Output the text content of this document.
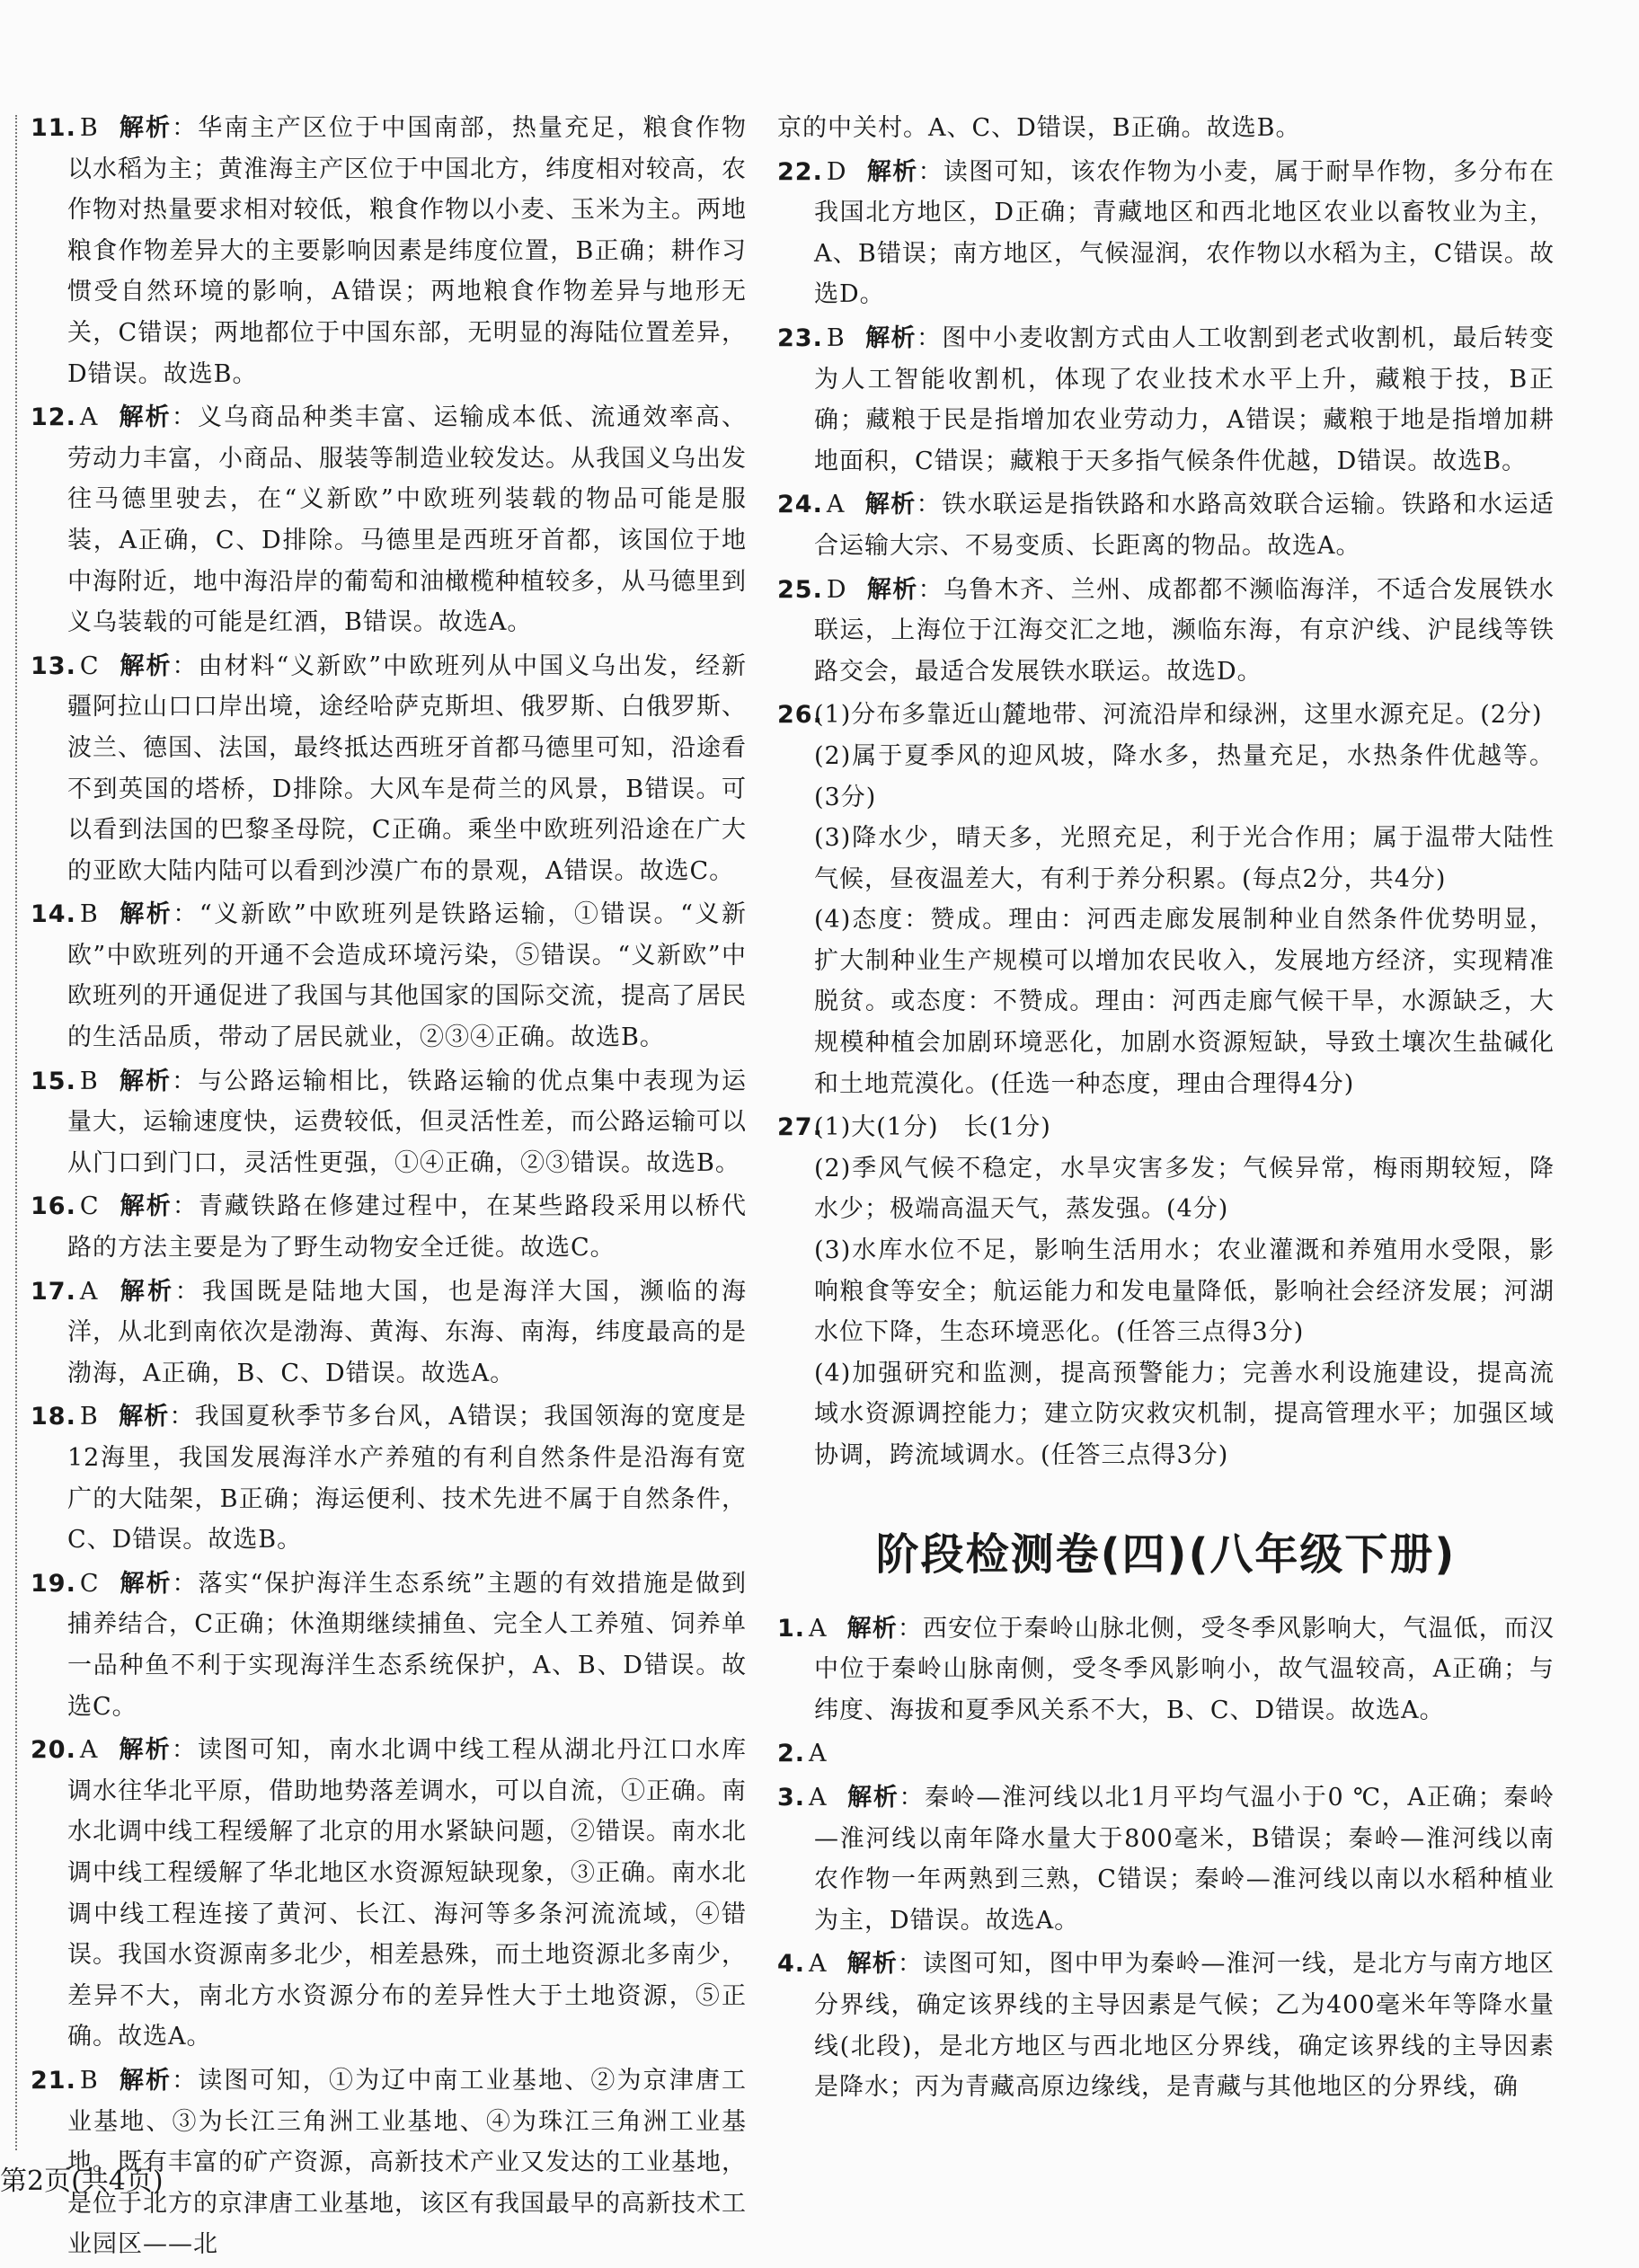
11. B 解析：华南主产区位于中国南部，热量充足，粮食作物以水稻为主；黄淮海主产区位于中国北方，纬度相对较高，农作物对热量要求相对较低，粮食作物以小麦、玉米为主。两地粮食作物差异大的主要影响因素是纬度位置，B正确；耕作习惯受自然环境的影响，A错误；两地粮食作物差异与地形无关，C错误；两地都位于中国东部，无明显的海陆位置差异，D错误。故选B。

12. A 解析：义乌商品种类丰富、运输成本低、流通效率高、劳动力丰富，小商品、服装等制造业较发达。从我国义乌出发往马德里驶去，在“义新欧”中欧班列装载的物品可能是服装，A正确，C、D排除。马德里是西班牙首都，该国位于地中海附近，地中海沿岸的葡萄和油橄榄种植较多，从马德里到义乌装载的可能是红酒，B错误。故选A。

13. C 解析：由材料“义新欧”中欧班列从中国义乌出发，经新疆阿拉山口口岸出境，途经哈萨克斯坦、俄罗斯、白俄罗斯、波兰、德国、法国，最终抵达西班牙首都马德里可知，沿途看不到英国的塔桥，D排除。大风车是荷兰的风景，B错误。可以看到法国的巴黎圣母院，C正确。乘坐中欧班列沿途在广大的亚欧大陆内陆可以看到沙漠广布的景观，A错误。故选C。

14. B 解析：“义新欧”中欧班列是铁路运输，①错误。“义新欧”中欧班列的开通不会造成环境污染，⑤错误。“义新欧”中欧班列的开通促进了我国与其他国家的国际交流，提高了居民的生活品质，带动了居民就业，②③④正确。故选B。

15. B 解析：与公路运输相比，铁路运输的优点集中表现为运量大，运输速度快，运费较低，但灵活性差，而公路运输可以从门口到门口，灵活性更强，①④正确，②③错误。故选B。

16. C 解析：青藏铁路在修建过程中，在某些路段采用以桥代路的方法主要是为了野生动物安全迁徙。故选C。

17. A 解析：我国既是陆地大国，也是海洋大国，濒临的海洋，从北到南依次是渤海、黄海、东海、南海，纬度最高的是渤海，A正确，B、C、D错误。故选A。

18. B 解析：我国夏秋季节多台风，A错误；我国领海的宽度是12海里，我国发展海洋水产养殖的有利自然条件是沿海有宽广的大陆架，B正确；海运便利、技术先进不属于自然条件，C、D错误。故选B。

19. C 解析：落实“保护海洋生态系统”主题的有效措施是做到捕养结合，C正确；休渔期继续捕鱼、完全人工养殖、饲养单一品种鱼不利于实现海洋生态系统保护，A、B、D错误。故选C。

20. A 解析：读图可知，南水北调中线工程从湖北丹江口水库调水往华北平原，借助地势落差调水，可以自流，①正确。南水北调中线工程缓解了北京的用水紧缺问题，②错误。南水北调中线工程缓解了华北地区水资源短缺现象，③正确。南水北调中线工程连接了黄河、长江、海河等多条河流流域，④错误。我国水资源南多北少，相差悬殊，而土地资源北多南少，差异不大，南北方水资源分布的差异性大于土地资源，⑤正确。故选A。

21. B 解析：读图可知，①为辽中南工业基地、②为京津唐工业基地、③为长江三角洲工业基地、④为珠江三角洲工业基地。既有丰富的矿产资源，高新技术产业又发达的工业基地，是位于北方的京津唐工业基地，该区有我国最早的高新技术工业园区——北

京的中关村。A、C、D错误，B正确。故选B。

22. D 解析：读图可知，该农作物为小麦，属于耐旱作物，多分布在我国北方地区，D正确；青藏地区和西北地区农业以畜牧业为主，A、B错误；南方地区，气候湿润，农作物以水稻为主，C错误。故选D。

23. B 解析：图中小麦收割方式由人工收割到老式收割机，最后转变为人工智能收割机，体现了农业技术水平上升，藏粮于技，B正确；藏粮于民是指增加农业劳动力，A错误；藏粮于地是指增加耕地面积，C错误；藏粮于天多指气候条件优越，D错误。故选B。

24. A 解析：铁水联运是指铁路和水路高效联合运输。铁路和水运适合运输大宗、不易变质、长距离的物品。故选A。

25. D 解析：乌鲁木齐、兰州、成都都不濒临海洋，不适合发展铁水联运，上海位于江海交汇之地，濒临东海，有京沪线、沪昆线等铁路交会，最适合发展铁水联运。故选D。

26.(1)分布多靠近山麓地带、河流沿岸和绿洲，这里水源充足。(2分)

(2)属于夏季风的迎风坡，降水多，热量充足，水热条件优越等。(3分)

(3)降水少，晴天多，光照充足，利于光合作用；属于温带大陆性气候，昼夜温差大，有利于养分积累。(每点2分，共4分)

(4)态度：赞成。理由：河西走廊发展制种业自然条件优势明显，扩大制种业生产规模可以增加农民收入，发展地方经济，实现精准脱贫。或态度：不赞成。理由：河西走廊气候干旱，水源缺乏，大规模种植会加剧环境恶化，加剧水资源短缺，导致土壤次生盐碱化和土地荒漠化。(任选一种态度，理由合理得4分)

27.(1)大(1分)　长(1分)

(2)季风气候不稳定，水旱灾害多发；气候异常，梅雨期较短，降水少；极端高温天气，蒸发强。(4分)

(3)水库水位不足，影响生活用水；农业灌溉和养殖用水受限，影响粮食等安全；航运能力和发电量降低，影响社会经济发展；河湖水位下降，生态环境恶化。(任答三点得3分)

(4)加强研究和监测，提高预警能力；完善水利设施建设，提高流域水资源调控能力；建立防灾救灾机制，提高管理水平；加强区域协调，跨流域调水。(任答三点得3分)

阶段检测卷(四)(八年级下册)

1. A 解析：西安位于秦岭山脉北侧，受冬季风影响大，气温低，而汉中位于秦岭山脉南侧，受冬季风影响小，故气温较高，A正确；与纬度、海拔和夏季风关系不大，B、C、D错误。故选A。

2. A

3. A 解析：秦岭—淮河线以北1月平均气温小于0 ℃，A正确；秦岭—淮河线以南年降水量大于800毫米，B错误；秦岭—淮河线以南农作物一年两熟到三熟，C错误；秦岭—淮河线以南以水稻种植业为主，D错误。故选A。

4. A 解析：读图可知，图中甲为秦岭—淮河一线，是北方与南方地区分界线，确定该界线的主导因素是气候；乙为400毫米年等降水量线(北段)，是北方地区与西北地区分界线，确定该界线的主导因素是降水；丙为青藏高原边缘线，是青藏与其他地区的分界线，确

第2页(共4页)
